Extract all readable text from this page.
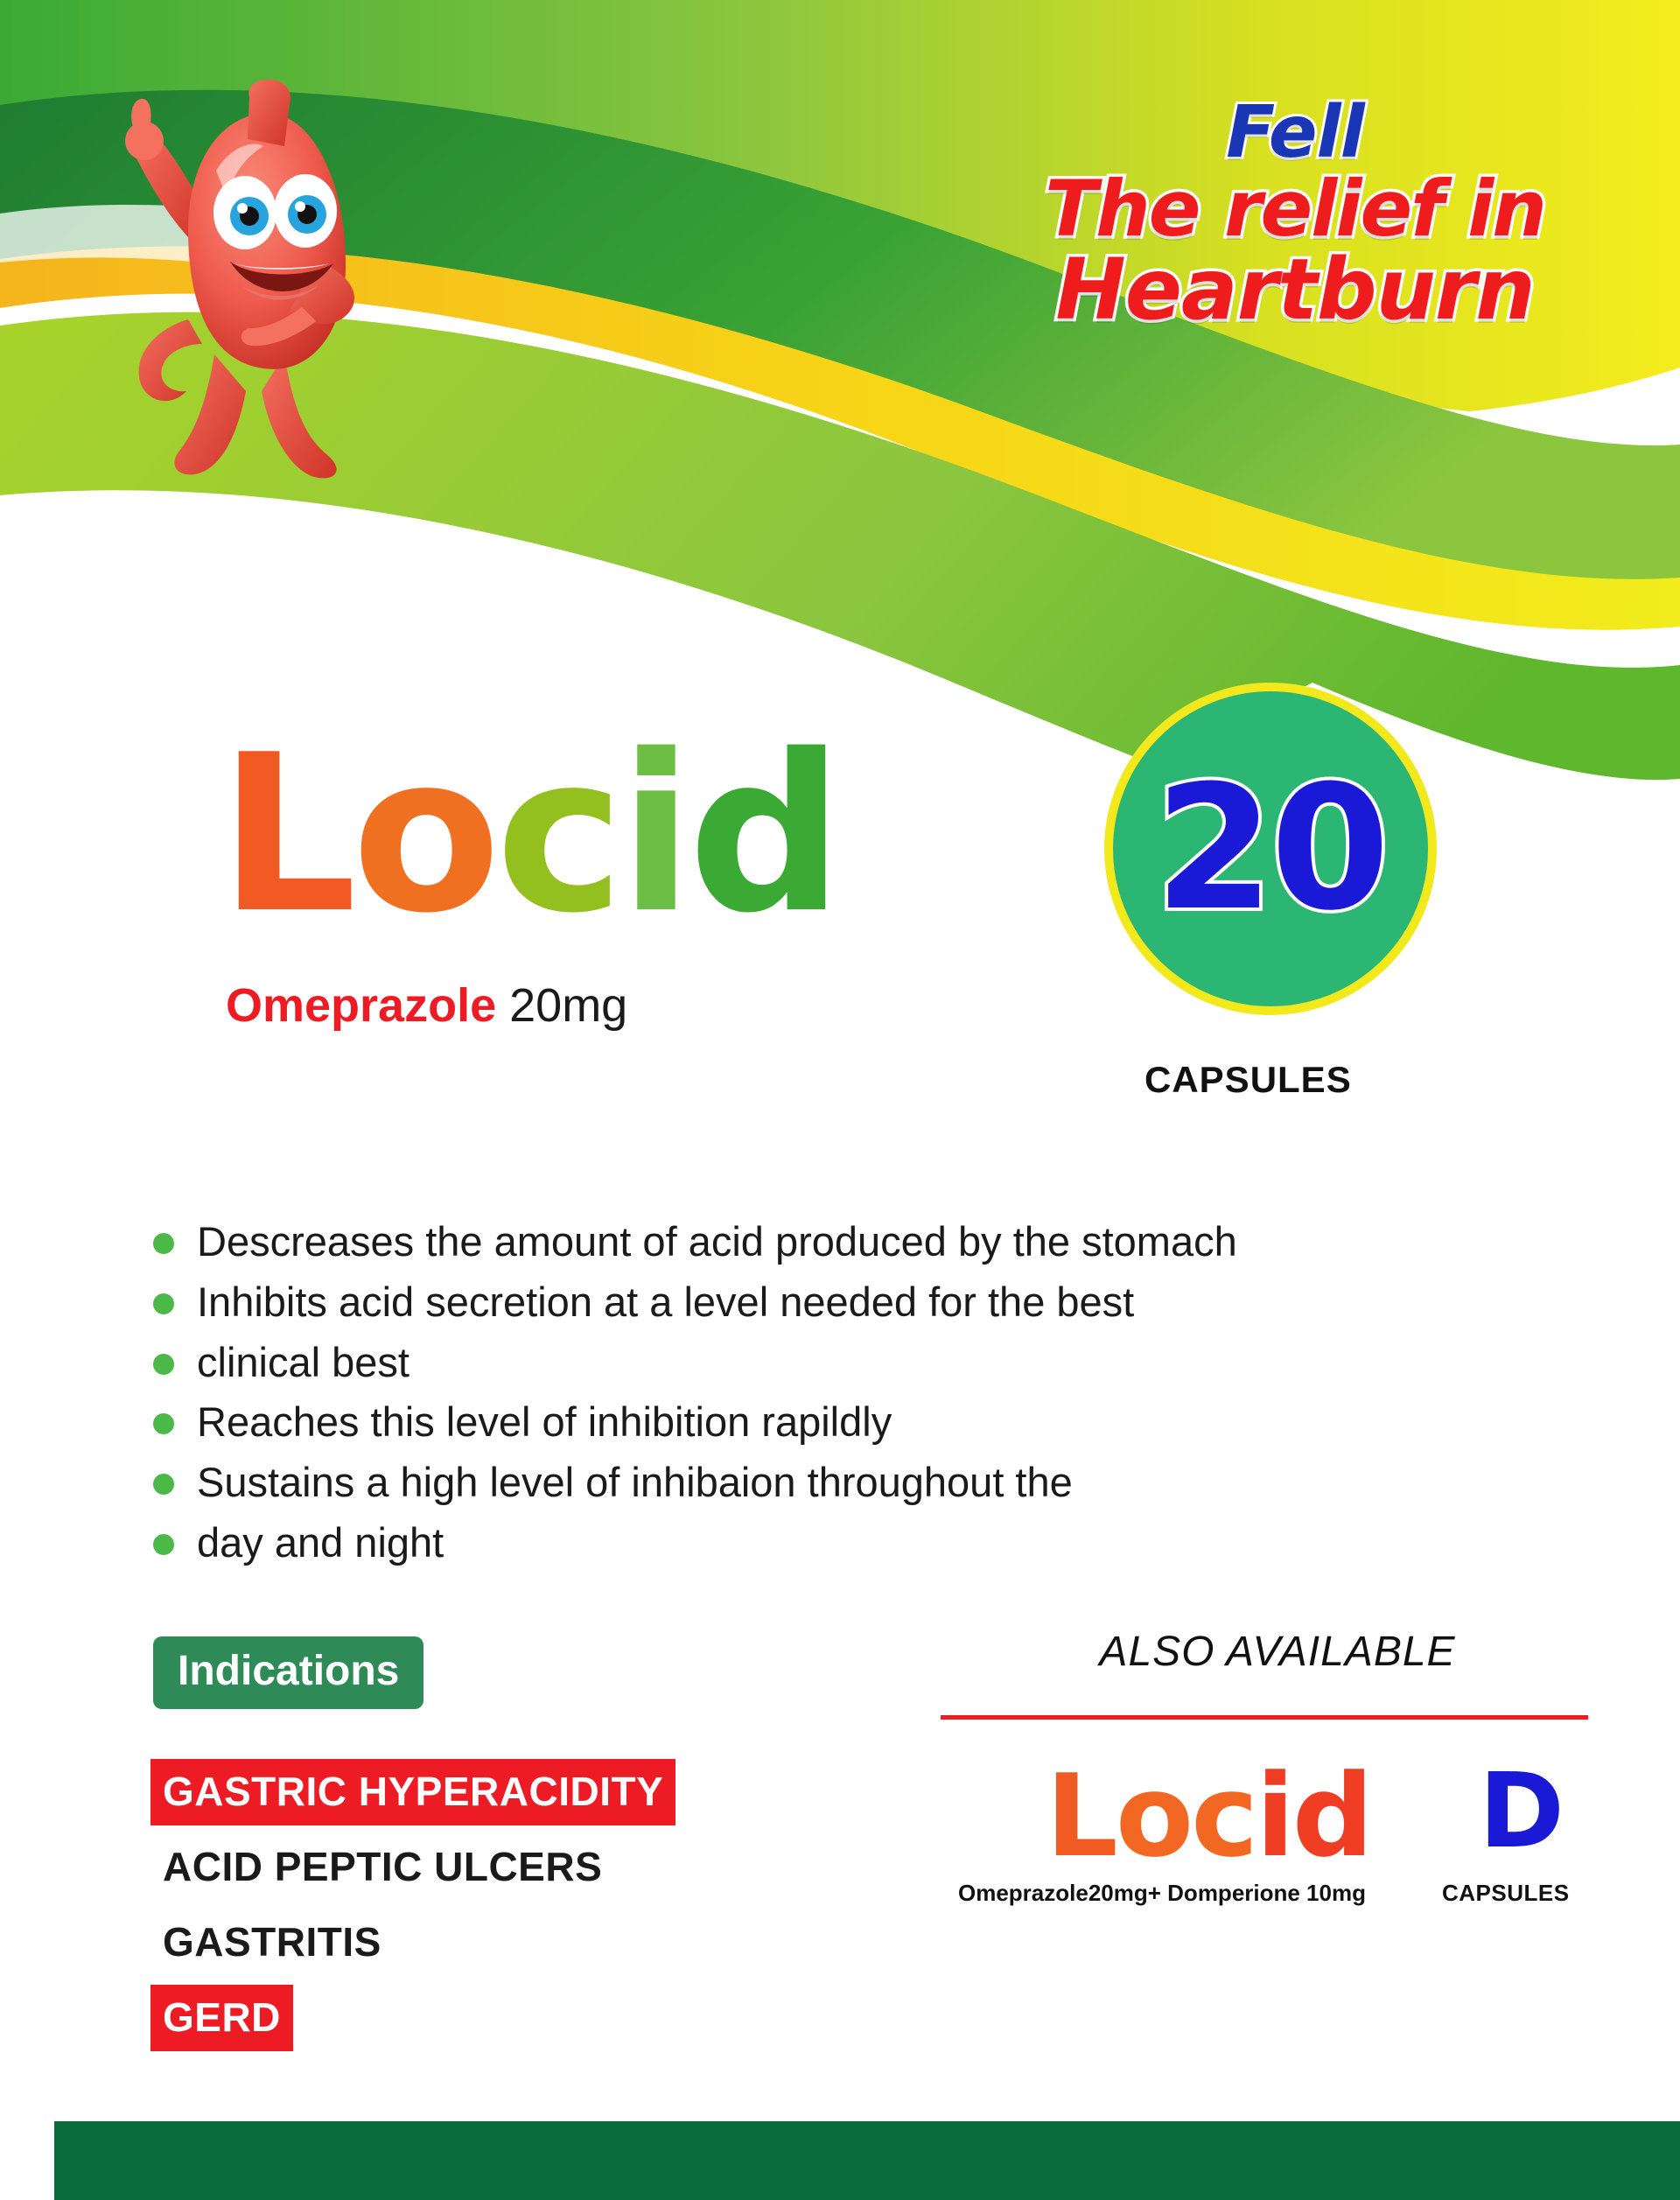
Fell
The relief in
Heartburn
Locid
Omeprazole 20mg
20
CAPSULES
Descreases the amount of acid produced by the stomach
Inhibits acid secretion at a level needed for the best
clinical best
Reaches this level of inhibition rapildly
Sustains a high level of inhibaion throughout the
day and night
Indications
GASTRIC HYPERACIDITY
ACID PEPTIC ULCERS
GASTRITIS
GERD
ALSO AVAILABLE
Locid D
Omeprazole20mg+ Domperione 10mg	CAPSULES
